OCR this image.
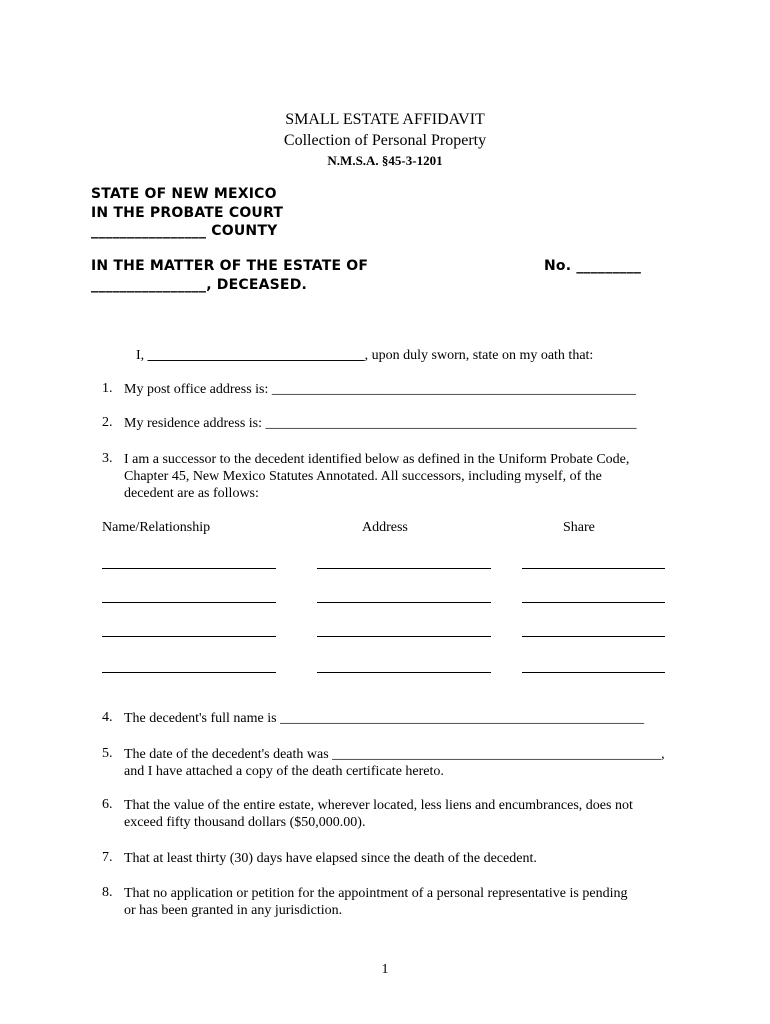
SMALL ESTATE AFFIDAVIT
Collection of Personal Property
N.M.S.A. §45-3-1201
STATE OF NEW MEXICO
IN THE PROBATE COURT
________________ COUNTY
IN THE MATTER OF THE ESTATE OF	No. _________
________________, DECEASED.
I, _______________________________, upon duly sworn, state on my oath that:
1. My post office address is: ____________________________________________________
2. My residence address is: _____________________________________________________
3. I am a successor to the decedent identified below as defined in the Uniform Probate Code,
Chapter 45, New Mexico Statutes Annotated. All successors, including myself, of the
decedent are as follows:
Name/Relationship	Address	Share
4. The decedent's full name is ____________________________________________________
5. The date of the decedent's death was _______________________________________________,
and I have attached a copy of the death certificate hereto.
6. That the value of the entire estate, wherever located, less liens and encumbrances, does not
exceed fifty thousand dollars ($50,000.00).
7. That at least thirty (30) days have elapsed since the death of the decedent.
8. That no application or petition for the appointment of a personal representative is pending
or has been granted in any jurisdiction.
1
